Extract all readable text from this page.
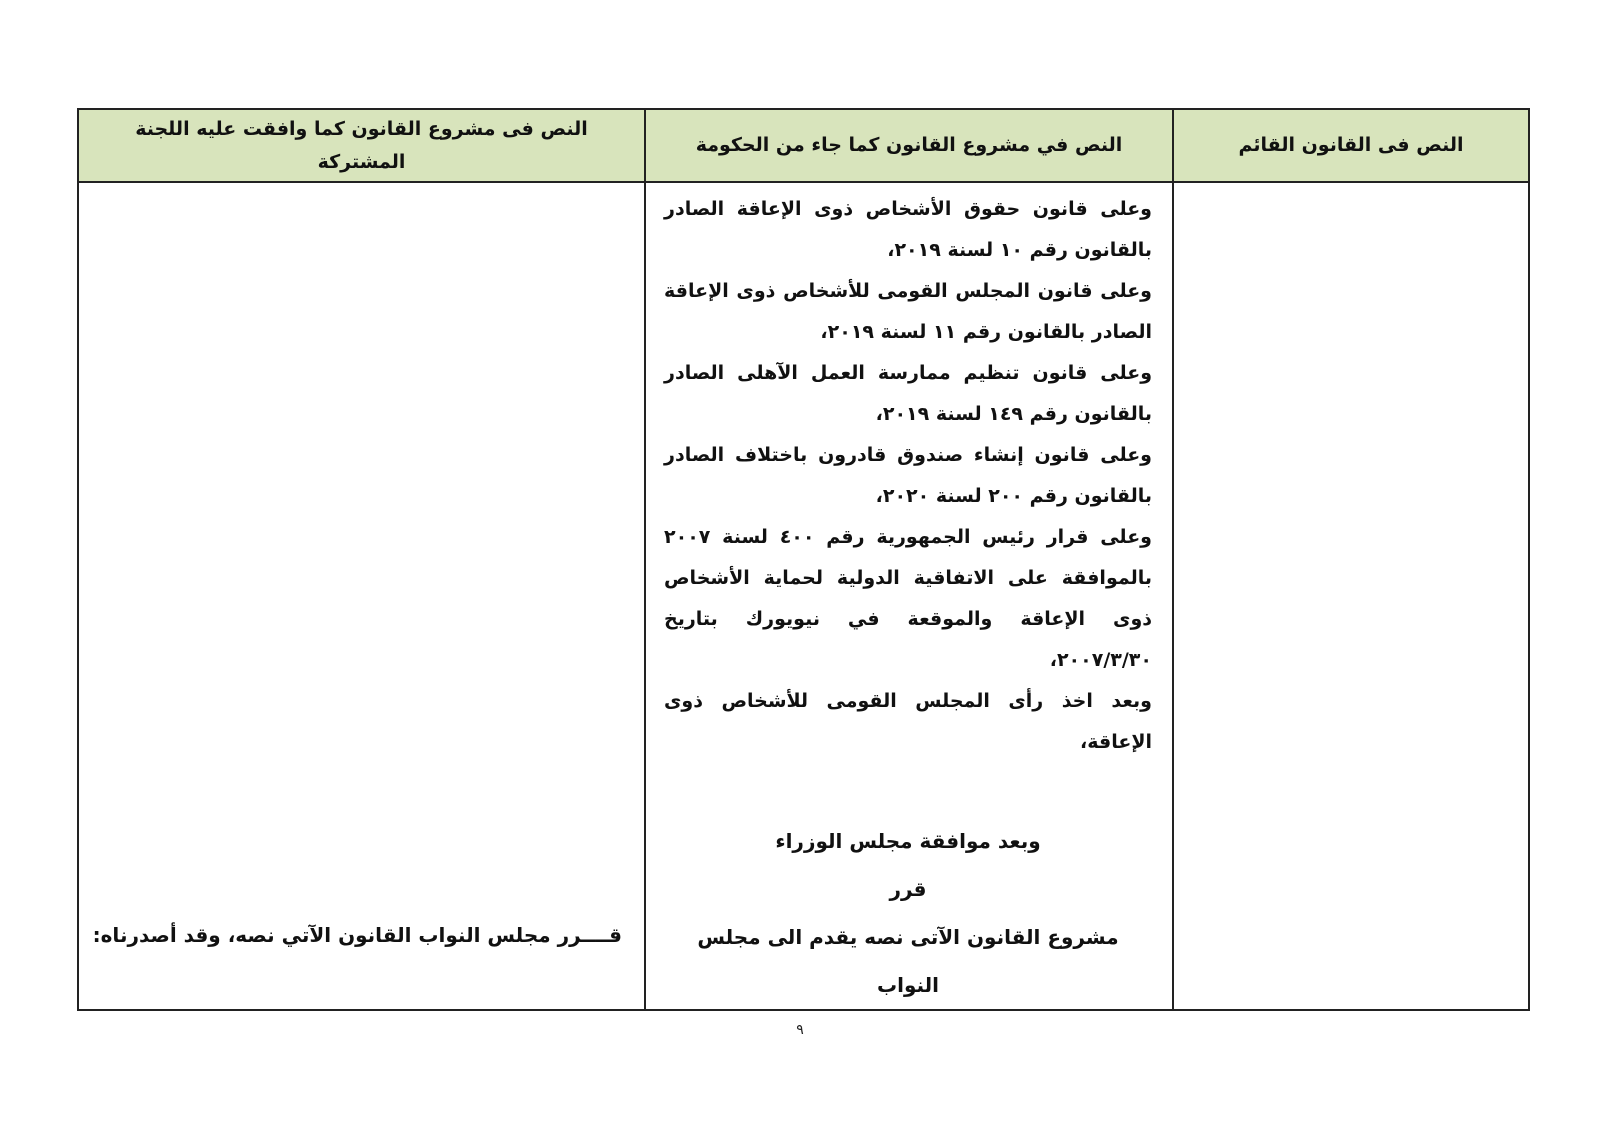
النص فى القانون القائم
النص في مشروع القانون كما جاء من الحكومة
النص فى مشروع القانون كما وافقت عليه اللجنة المشتركة

وعلى قانون حقوق الأشخاص ذوى الإعاقة الصادر بالقانون رقم ١٠ لسنة ٢٠١٩،

وعلى قانون المجلس القومى للأشخاص ذوى الإعاقة الصادر بالقانون رقم ١١ لسنة ٢٠١٩،

وعلى قانون تنظيم ممارسة العمل الآهلى الصادر بالقانون رقم ١٤٩ لسنة ٢٠١٩،

وعلى قانون إنشاء صندوق قادرون باختلاف الصادر بالقانون رقم ٢٠٠ لسنة ٢٠٢٠،

وعلى قرار رئيس الجمهورية رقم ٤٠٠ لسنة ٢٠٠٧ بالموافقة على الاتفاقية الدولية لحماية الأشخاص ذوى الإعاقة والموقعة في نيويورك بتاريخ ٢٠٠٧/٣/٣٠،

وبعد اخذ رأى المجلس القومى للأشخاص ذوى الإعاقة،

وبعد موافقة مجلس الوزراء
قرر
مشروع القانون الآتى نصه يقدم الى مجلس النواب
قــــرر مجلس النواب القانون الآتي نصه، وقد أصدرناه:
٩
